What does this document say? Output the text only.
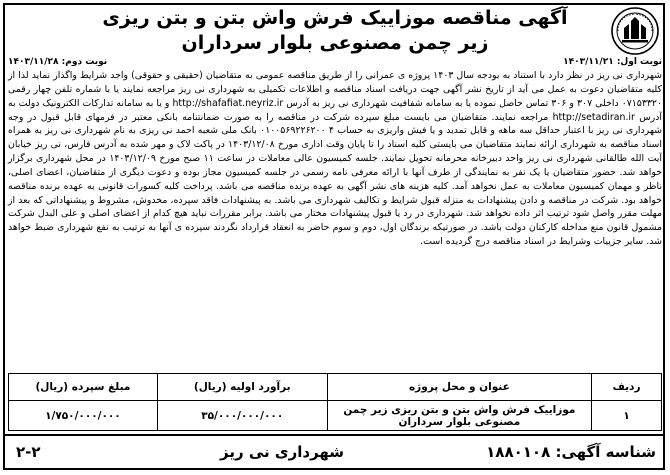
آگهی مناقصه موزاییک فرش واش بتن و بتن ریزی
زیر چمن مصنوعی بلوار سرداران
نوبت اول: ۱۴۰۳/۱۱/۲۱
نوبت دوم: ۱۴۰۳/۱۱/۲۸
شهرداری نی ریز در نظر دارد با استناد به بودجه سال ۱۴۰۳ پروژه ی عمرانی را از طریق مناقصه عمومی به متقاضیان (حقیقی و حقوقی) واجد شرایط واگذار نماید لذا از کلیه متقاضیان دعوت به عمل می آید از تاریخ نشر آگهی جهت دریافت اسناد مناقصه و اطلاعات تکمیلی به شهرداری نی ریز مراجعه نمایند یا با شماره تلفن چهار رقمی ۰۷۱۵۳۳۲۰ داخلی ۳۰۷ و ۳۰۶ تماس حاصل نموده یا به سامانه شفافیت شهرداری نی ریز به آدرس http://shafafiat.neyriz.ir و یا به سامانه تدارکات الکترونیک دولت به آدرس http://setadiran.ir مراجعه نمایند. متقاضیان می بایست مبلغ سپرده شرکت در مناقصه را به صورت ضمانتنامه بانکی معتبر در فرمهای قابل قبول در وجه شهرداری نی ریز با اعتبار حداقل سه ماهه و قابل تمدید و یا فیش واریزی به حساب ۴ ۰۱۰۰۵۶۹۲۲۶۲۰۰ بانک ملی شعبه احمد نی ریزی به نام شهرداری نی ریز به همراه اسناد مناقصه به شهرداری ارائه نمایند متقاضیان می بایستی کلیه اسناد را تا پایان وقت اداری مورخ ۱۴۰۳/۱۲/۰۸ در پاکت لاک و مهر شده به آدرس فارس، نی ریز خیابان آیت الله طالقانی شهرداری نی ریز واحد دبیرخانه محرمانه تحویل نمایند. جلسه کمیسیون عالی معاملات در ساعت ۱۱ صبح مورخ ۱۴۰۳/۱۲/۰۹ در محل شهرداری برگزار خواهد شد. حضور متقاضیان یا یک نفر به نمایندگی از طرف آنها با ارائه معرفی نامه رسمی در جلسه کمیسیون مجاز بوده و دعوت دیگری از متقاضیان، اعضای اصلی، ناظر و مهمان کمیسیون معاملات به عمل نخواهد آمد. کلیه هزینه های نشر آگهی به عهده برنده مناقصه می باشد. پرداخت کلیه کسورات قانونی به عهده برنده مناقصه خواهد بود. شرکت در مناقصه و دادن پیشنهادات به منزله قبول شرایط و تکالیف شهرداری می باشد. به پیشنهادات فاقد سپرده، مخدوش، مشروط و پیشنهاداتی که بعد از مهلت مقرر واصل شود ترتیب اثر داده نخواهد شد. شهرداری در رد یا قبول پیشنهادات مختار می باشد. برابر مقررات نباید هیچ کدام از اعضای اصلی و علی البدل شرکت مشمول قانون منع مداخله کارکنان دولت باشد. در صورتیکه برندگان اول، دوم و سوم حاضر به انعقاد قرارداد نگردند سپرده ی آنها به ترتیب به نفع شهرداری ضبط خواهد شد. سایر جزییات وشرایط در اسناد مناقصه درج گردیده است.
ردیف	عنوان و محل پروژه	برآورد اولیه (ریال)	مبلغ سپرده (ریال)
۱	موزاییک فرش واش بتن و بتن ریزی زیر چمن مصنوعی بلوار سرداران	۳۵/۰۰۰/۰۰۰/۰۰۰	۱/۷۵۰/۰۰۰/۰۰۰
شناسه آگهی: ۱۸۸۰۱۰۸
شهرداری نی ریز
۲-۲
